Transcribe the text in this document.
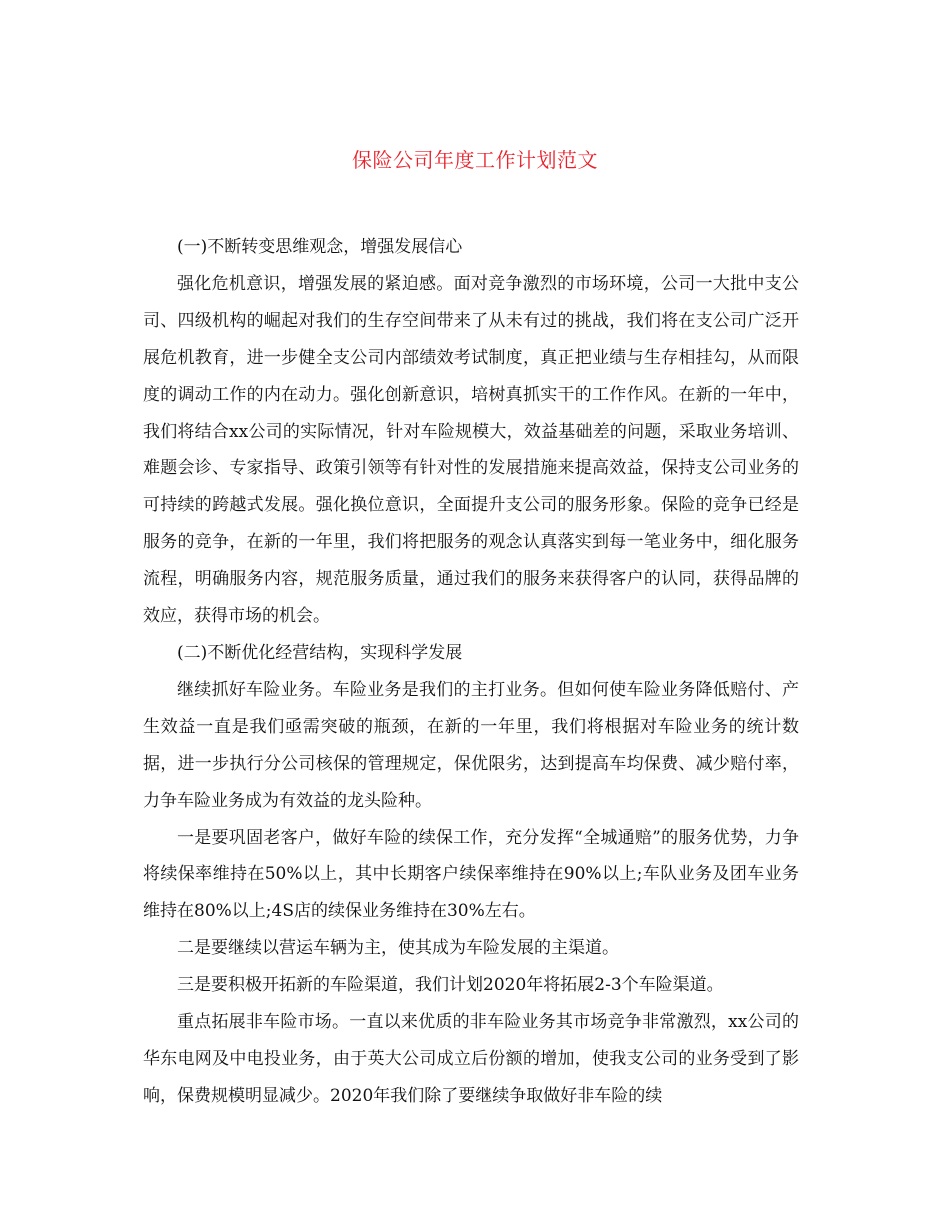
保险公司年度工作计划范文

(一)不断转变思维观念，增强发展信心

强化危机意识，增强发展的紧迫感。面对竞争激烈的市场环境，公司一大批中支公司、四级机构的崛起对我们的生存空间带来了从未有过的挑战，我们将在支公司广泛开展危机教育，进一步健全支公司内部绩效考试制度，真正把业绩与生存相挂勾，从而限度的调动工作的内在动力。强化创新意识，培树真抓实干的工作作风。在新的一年中，我们将结合xx公司的实际情况，针对车险规模大，效益基础差的问题，采取业务培训、难题会诊、专家指导、政策引领等有针对性的发展措施来提高效益，保持支公司业务的可持续的跨越式发展。强化换位意识，全面提升支公司的服务形象。保险的竞争已经是服务的竞争，在新的一年里，我们将把服务的观念认真落实到每一笔业务中，细化服务流程，明确服务内容，规范服务质量，通过我们的服务来获得客户的认同，获得品牌的效应，获得市场的机会。

(二)不断优化经营结构，实现科学发展

继续抓好车险业务。车险业务是我们的主打业务。但如何使车险业务降低赔付、产生效益一直是我们亟需突破的瓶颈，在新的一年里，我们将根据对车险业务的统计数据，进一步执行分公司核保的管理规定，保优限劣，达到提高车均保费、减少赔付率，力争车险业务成为有效益的龙头险种。

一是要巩固老客户，做好车险的续保工作，充分发挥“全城通赔”的服务优势，力争将续保率维持在50%以上，其中长期客户续保率维持在90%以上;车队业务及团车业务维持在80%以上;4S店的续保业务维持在30%左右。

二是要继续以营运车辆为主，使其成为车险发展的主渠道。

三是要积极开拓新的车险渠道，我们计划2020年将拓展2-3个车险渠道。

重点拓展非车险市场。一直以来优质的非车险业务其市场竞争非常激烈，xx公司的华东电网及中电投业务，由于英大公司成立后份额的增加，使我支公司的业务受到了影响，保费规模明显减少。2020年我们除了要继续争取做好非车险的续
